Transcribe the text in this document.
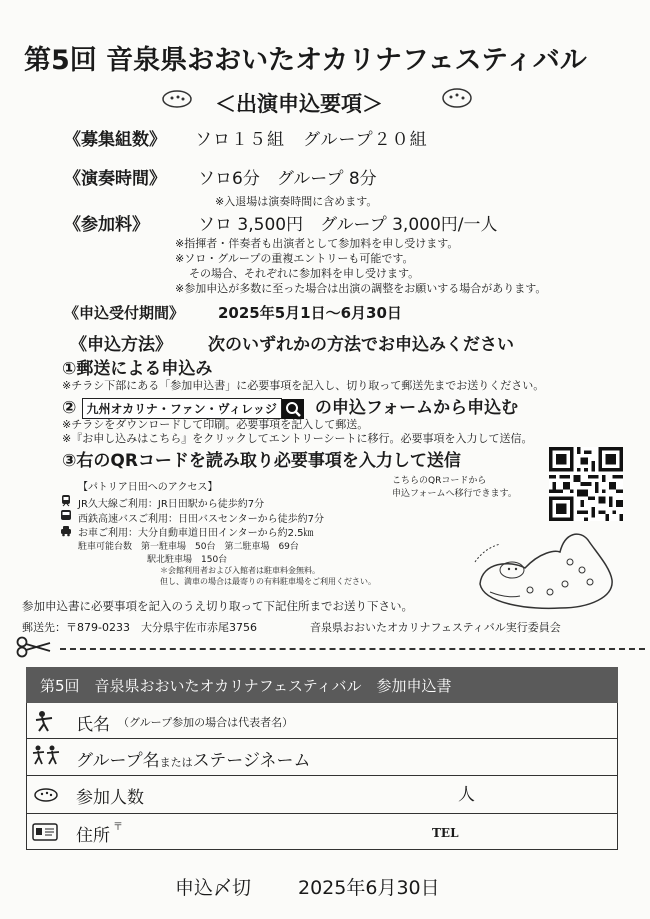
第5回 音泉県おおいたオカリナフェスティバル
＜出演申込要項＞
《募集組数》 ソロ１５組　グループ２０組
《演奏時間》 ソロ6分　グループ 8分
※入退場は演奏時間に含めます。
《参加料》	ソロ 3,500円　グループ 3,000円/一人
※指揮者・伴奏者も出演者として参加料を申し受けます。
※ソロ・グループの重複エントリーも可能です。
その場合、それぞれに参加料を申し受けます。
※参加申込が多数に至った場合は出演の調整をお願いする場合があります。
《申込受付期間》 2025年5月1日〜6月30日
《申込方法》 次のいずれかの方法でお申込みください
①郵送による申込み
※チラシ下部にある「参加申込書」に必要事項を記入し、切り取って郵送先までお送りください。
② 九州オカリナ・ファン・ヴィレッジ の申込フォームから申込む
※チラシをダウンロードして印刷。必要事項を記入して郵送。
※『お申し込みはこちら』をクリックしてエントリーシートに移行。必要事項を入力して送信。
③右のQRコードを読み取り必要事項を入力して送信
こちらのQRコードから
申込フォームへ移行できます。
【パトリア日田へのアクセス】
JR久大線ご利用：JR日田駅から徒歩約7分
西鉄高速バスご利用：日田バスセンターから徒歩約7分
お車ご利用：大分自動車道日田インターから約2.5㎞
駐車可能台数　第一駐車場　50台　第二駐車場　69台
駅北駐車場　150台
＊会館利用者および入館者は駐車料金無料。
但し、満車の場合は最寄りの有料駐車場をご利用ください。
参加申込書に必要事項を記入のうえ切り取って下記住所までお送り下さい。
郵送先：〒879-0233　大分県宇佐市赤尾3756	音泉県おおいたオカリナフェスティバル実行委員会
第5回　音泉県おおいたオカリナフェスティバル　参加申込書
氏名 （グループ参加の場合は代表者名）
グループ名またはステージネーム
参加人数	人
住所 〒	TEL
申込〆切 2025年6月30日
